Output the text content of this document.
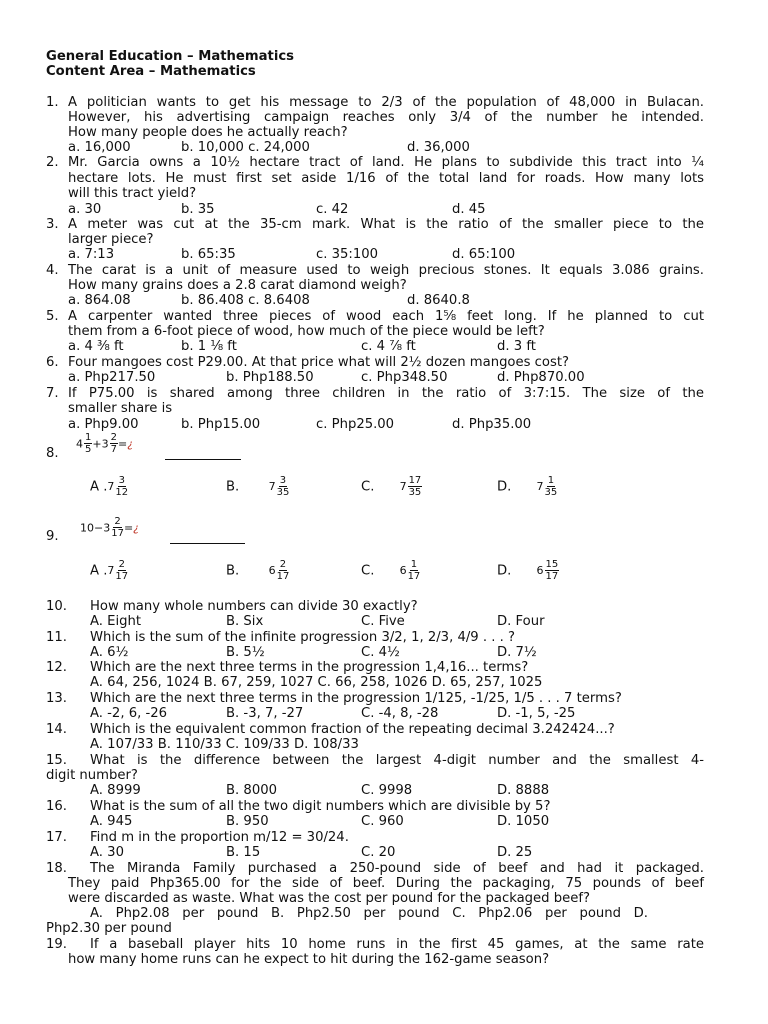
General Education – Mathematics
Content Area – Mathematics
1. A politician wants to get his message to 2/3 of the population of 48,000 in Bulacan.
However, his advertising campaign reaches only 3/4 of the number he intended.
How many people does he actually reach?
a. 16,000	b. 10,000 c. 24,000	d. 36,000
2. Mr. Garcia owns a 10½ hectare tract of land. He plans to subdivide this tract into ¼
hectare lots. He must first set aside 1/16 of the total land for roads. How many lots
will this tract yield?
a. 30	b. 35	c. 42	d. 45
3. A meter was cut at the 35-cm mark. What is the ratio of the smaller piece to the
larger piece?
a. 7:13	b. 65:35	c. 35:100	d. 65:100
4. The carat is a unit of measure used to weigh precious stones. It equals 3.086 grains.
How many grains does a 2.8 carat diamond weigh?
a. 864.08	b. 86.408 c. 8.6408	d. 8640.8
5. A carpenter wanted three pieces of wood each 1⅝ feet long. If he planned to cut
them from a 6-foot piece of wood, how much of the piece would be left?
a. 4 ⅜ ft	b. 1 ⅛ ft	c. 4 ⅞ ft	d. 3 ft
6. Four mangoes cost P29.00. At that price what will 2½ dozen mangoes cost?
a. Php217.50	b. Php188.50	c. Php348.50	d. Php870.00
7. If P75.00 is shared among three children in the ratio of 3:7:15. The size of the
smaller share is
a. Php9.00	b. Php15.00	c. Php25.00	d. Php35.00
8.
$4 \frac{1}{5} +3 \frac{2}{7}$ =¿
A $.7 \frac{3}{12}$	B.	$7 \frac{3}{35}$	C. $7 \frac{17}{35}$	D. $7 \frac{1}{35}$
9.
$10-3 \frac{2}{17}$ =¿
A $.7 \frac{2}{17}$	B.	$6 \frac{2}{17}$	C. $6 \frac{1}{17}$	D. $6 \frac{15}{17}$
10. How many whole numbers can divide 30 exactly?
A. Eight	B. Six	C. Five	D. Four
11. Which is the sum of the infinite progression 3/2, 1, 2/3, 4/9 . . . ?
A. 6½	B. 5½	C. 4½	D. 7½
12. Which are the next three terms in the progression 1,4,16... terms?
A. 64, 256, 1024 B. 67, 259, 1027 C. 66, 258, 1026 D. 65, 257, 1025
13. Which are the next three terms in the progression 1/125, -1/25, 1/5 . . . 7 terms?
A. -2, 6, -26	B. -3, 7, -27	C. -4, 8, -28	D. -1, 5, -25
14. Which is the equivalent common fraction of the repeating decimal 3.242424...?
A. 107/33 B. 110/33 C. 109/33 D. 108/33
15. What is the difference between the largest 4-digit number and the smallest 4-
digit number?
A. 8999	B. 8000	C. 9998	D. 8888
16. What is the sum of all the two digit numbers which are divisible by 5?
A. 945	B. 950	C. 960	D. 1050
17. Find m in the proportion m/12 = 30/24.
A. 30	B. 15	C. 20	D. 25
18. The Miranda Family purchased a 250-pound side of beef and had it packaged.
They paid Php365.00 for the side of beef. During the packaging, 75 pounds of beef
were discarded as waste. What was the cost per pound for the packaged beef?
A. Php2.08 per pound B. Php2.50 per pound C. Php2.06 per pound D.
Php2.30 per pound
19. If a baseball player hits 10 home runs in the first 45 games, at the same rate
how many home runs can he expect to hit during the 162-game season?
